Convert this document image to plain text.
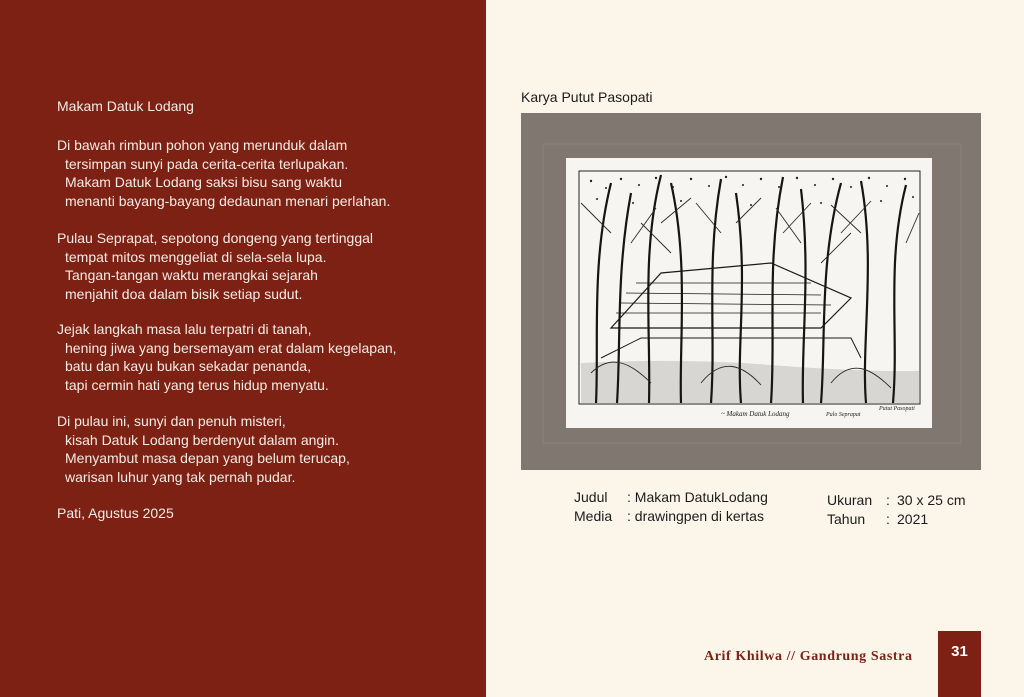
Makam Datuk Lodang
Di bawah rimbun pohon yang merunduk dalam
tersimpan sunyi pada cerita-cerita terlupakan.
Makam Datuk Lodang saksi bisu sang waktu
menanti bayang-bayang dedaunan menari perlahan.
Pulau Seprapat, sepotong dongeng yang tertinggal
tempat mitos menggeliat di sela-sela lupa.
Tangan-tangan waktu merangkai sejarah
menjahit doa dalam bisik setiap sudut.
Jejak langkah masa lalu terpatri di tanah,
hening jiwa yang bersemayam erat dalam kegelapan,
batu dan kayu bukan sekadar penanda,
tapi cermin hati yang terus hidup menyatu.
Di pulau ini, sunyi dan penuh misteri,
kisah Datuk Lodang berdenyut dalam angin.
Menyambut masa depan yang belum terucap,
warisan luhur yang tak pernah pudar.
Pati, Agustus 2025
Karya Putut Pasopati
~ Makam Datuk Lodang	Pulo Seprapat
Putut Pasopati
Judul	: Makam DatukLodang
Media	: drawingpen di kertas
Ukuran : 30 x 25 cm
Tahun	: 2021
Arif Khilwa // Gandrung Sastra	31
